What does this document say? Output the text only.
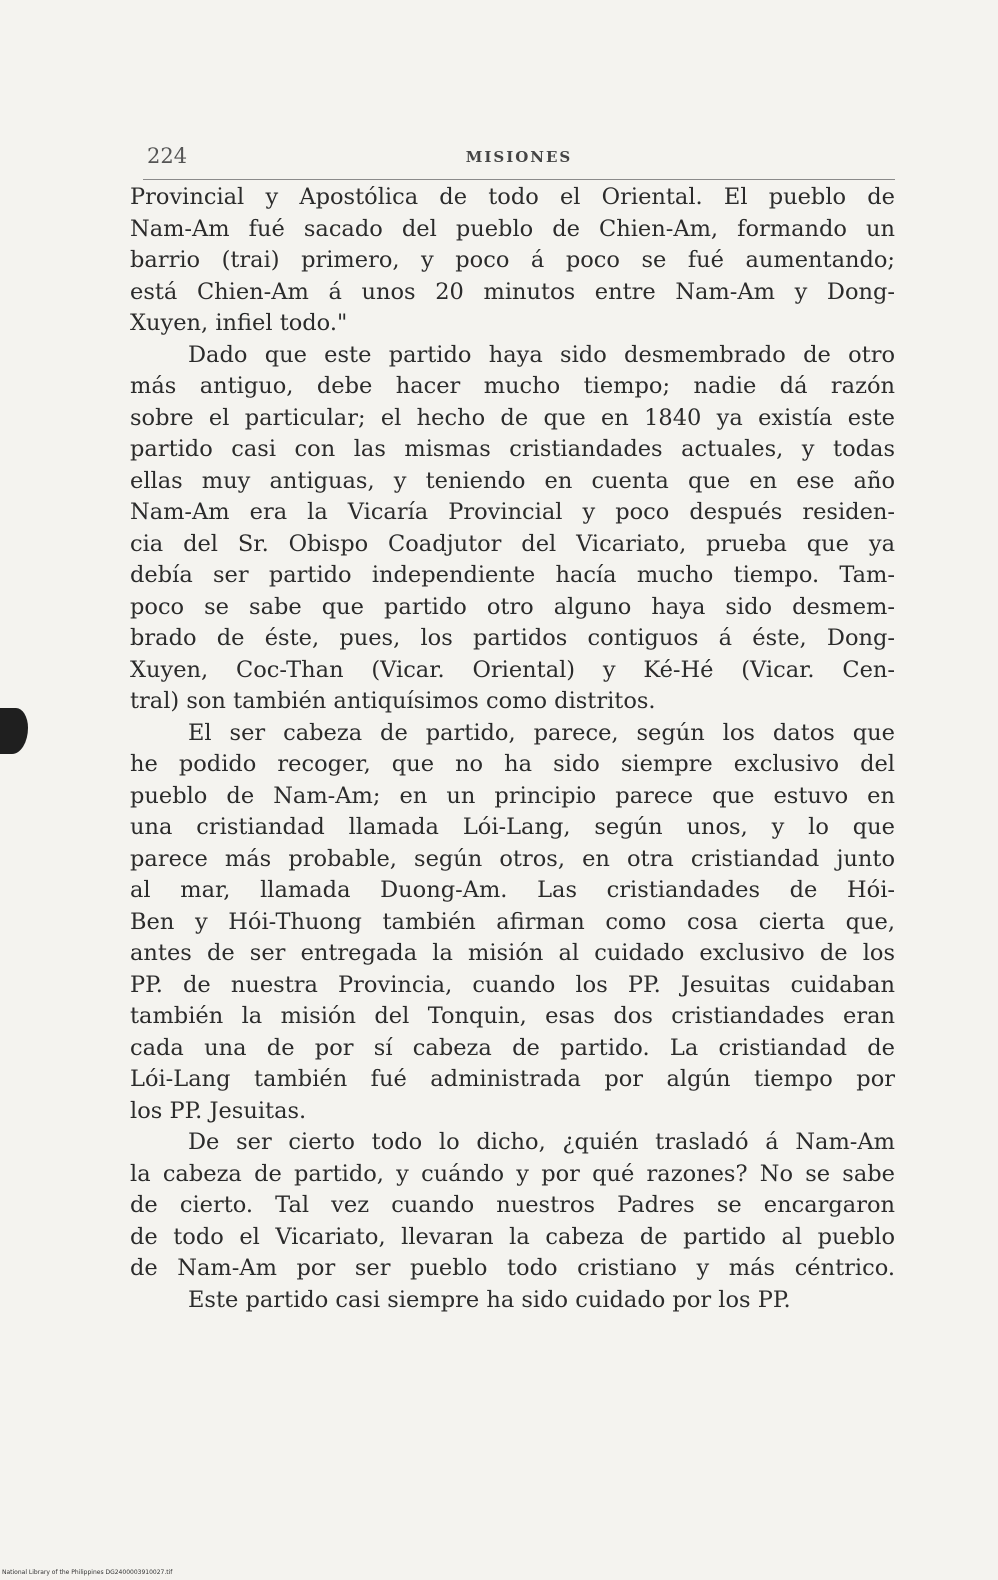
224	MISIONES
Provincial y Apostólica de todo el Oriental. El pueblo de
Nam-Am fué sacado del pueblo de Chien-Am, formando un
barrio (trai) primero, y poco á poco se fué aumentando;
está Chien-Am á unos 20 minutos entre Nam-Am y Dong-
Xuyen, infiel todo."
Dado que este partido haya sido desmembrado de otro
más antiguo, debe hacer mucho tiempo; nadie dá razón
sobre el particular; el hecho de que en 1840 ya existía este
partido casi con las mismas cristiandades actuales, y todas
ellas muy antiguas, y teniendo en cuenta que en ese año
Nam-Am era la Vicaría Provincial y poco después residen-
cia del Sr. Obispo Coadjutor del Vicariato, prueba que ya
debía ser partido independiente hacía mucho tiempo. Tam-
poco se sabe que partido otro alguno haya sido desmem-
brado de éste, pues, los partidos contiguos á éste, Dong-
Xuyen, Coc-Than (Vicar. Oriental) y Ké-Hé (Vicar. Cen-
tral) son también antiquísimos como distritos.
El ser cabeza de partido, parece, según los datos que
he podido recoger, que no ha sido siempre exclusivo del
pueblo de Nam-Am; en un principio parece que estuvo en
una cristiandad llamada Lói-Lang, según unos, y lo que
parece más probable, según otros, en otra cristiandad junto
al mar, llamada Duong-Am. Las cristiandades de Hói-
Ben y Hói-Thuong también afirman como cosa cierta que,
antes de ser entregada la misión al cuidado exclusivo de los
PP. de nuestra Provincia, cuando los PP. Jesuitas cuidaban
también la misión del Tonquin, esas dos cristiandades eran
cada una de por sí cabeza de partido. La cristiandad de
Lói-Lang también fué administrada por algún tiempo por
los PP. Jesuitas.
De ser cierto todo lo dicho, ¿quién trasladó á Nam-Am
la cabeza de partido, y cuándo y por qué razones? No se sabe
de cierto. Tal vez cuando nuestros Padres se encargaron
de todo el Vicariato, llevaran la cabeza de partido al pueblo
de Nam-Am por ser pueblo todo cristiano y más céntrico.
Este partido casi siempre ha sido cuidado por los PP.
National Library of the Philippines DG2400003910027.tif
